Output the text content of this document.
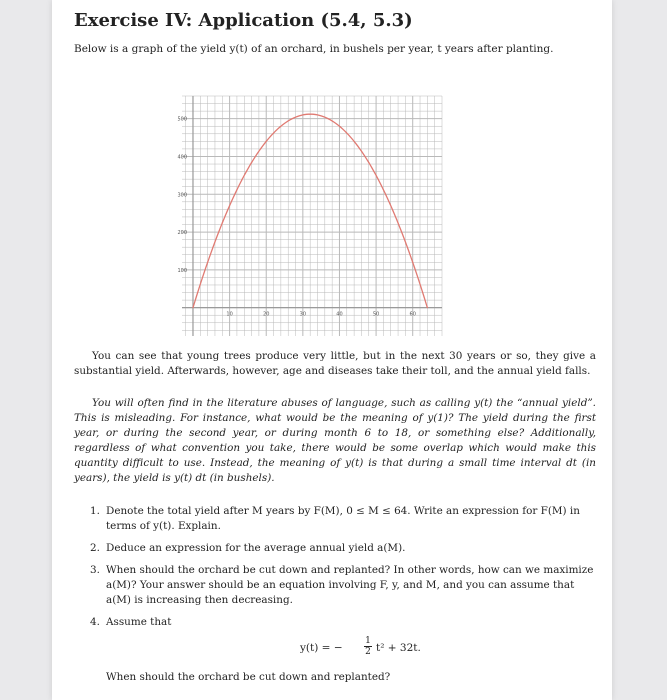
Exercise IV: Application (5.4, 5.3)
Below is a graph of the yield y(t) of an orchard, in bushels per year, t years after planting.
10	20	30	40	50	60
100
200
300
400
500
You can see that young trees produce very little, but in the next 30 years or so, they give a substantial yield. Afterwards, however, age and diseases take their toll, and the annual yield falls.
You will often find in the literature abuses of language, such as calling y(t) the “annual yield”. This is misleading. For instance, what would be the meaning of y(1)? The yield during the first year, or during the second year, or during month 6 to 18, or something else? Additionally, regardless of what convention you take, there would be some overlap which would make this quantity difficult to use. Instead, the meaning of y(t) is that during a small time interval dt (in years), the yield is y(t) dt (in bushels).
1. Denote the total yield after M years by F(M), 0 ≤ M ≤ 64. Write an expression for F(M) in terms of y(t). Explain.
2. Deduce an expression for the average annual yield a(M).
3. When should the orchard be cut down and replanted? In other words, how can we maximize a(M)? Your answer should be an equation involving F, y, and M, and you can assume that a(M) is increasing then decreasing.
4. Assume that
y(t) = −
1
2 t² + 32t.
When should the orchard be cut down and replanted?
